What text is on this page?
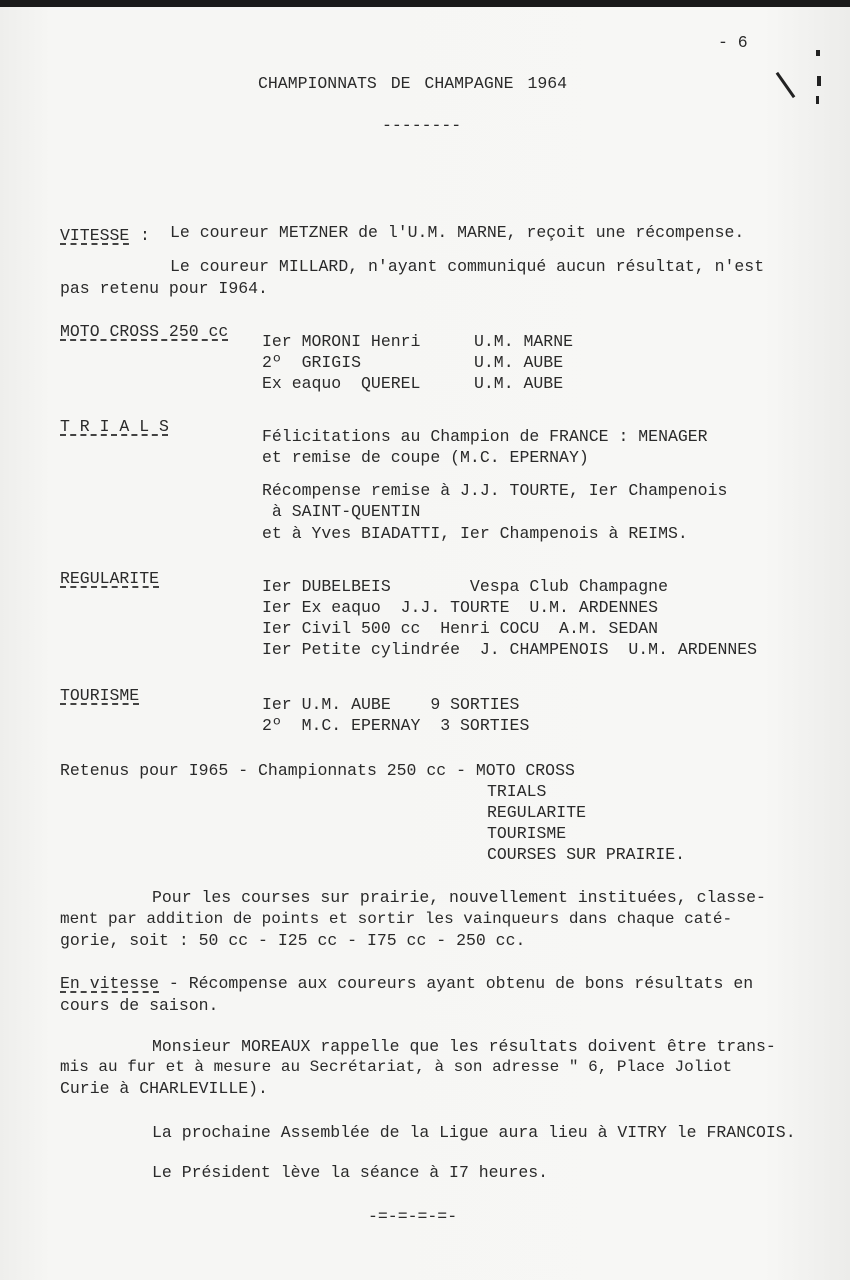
- 6
CHAMPIONNATS DE CHAMPAGNE 1964
--------
VITESSE : Le coureur METZNER de l'U.M. MARNE, reçoit une récompense.
Le coureur MILLARD, n'ayant communiqué aucun résultat, n'est
pas retenu pour I964.
MOTO CROSS 250 cc
Ier MORONI Henri	U.M. MARNE
2º  GRIGIS	U.M. AUBE
Ex eaquo  QUEREL	U.M. AUBE
T R I A L S
Félicitations au Champion de FRANCE : MENAGER
et remise de coupe (M.C. EPERNAY)
Récompense remise à J.J. TOURTE, Ier Champenois
à SAINT-QUENTIN
et à Yves BIADATTI, Ier Champenois à REIMS.
REGULARITE	Ier DUBELBEIS        Vespa Club Champagne
Ier Ex eaquo  J.J. TOURTE  U.M. ARDENNES
Ier Civil 500 cc  Henri COCU  A.M. SEDAN
Ier Petite cylindrée  J. CHAMPENOIS  U.M. ARDENNES
TOURISME	Ier U.M. AUBE    9 SORTIES
2º  M.C. EPERNAY  3 SORTIES
Retenus pour I965 - Championnats 250 cc - MOTO CROSS
TRIALS
REGULARITE
TOURISME
COURSES SUR PRAIRIE.
Pour les courses sur prairie, nouvellement instituées, classe-
ment par addition de points et sortir les vainqueurs dans chaque caté-
gorie, soit : 50 cc - I25 cc - I75 cc - 250 cc.
En vitesse - Récompense aux coureurs ayant obtenu de bons résultats en
cours de saison.
Monsieur MOREAUX rappelle que les résultats doivent être trans-
mis au fur et à mesure au Secrétariat, à son adresse " 6, Place Joliot
Curie à CHARLEVILLE).
La prochaine Assemblée de la Ligue aura lieu à VITRY le FRANCOIS.
Le Président lève la séance à I7 heures.
-=-=-=-=-
